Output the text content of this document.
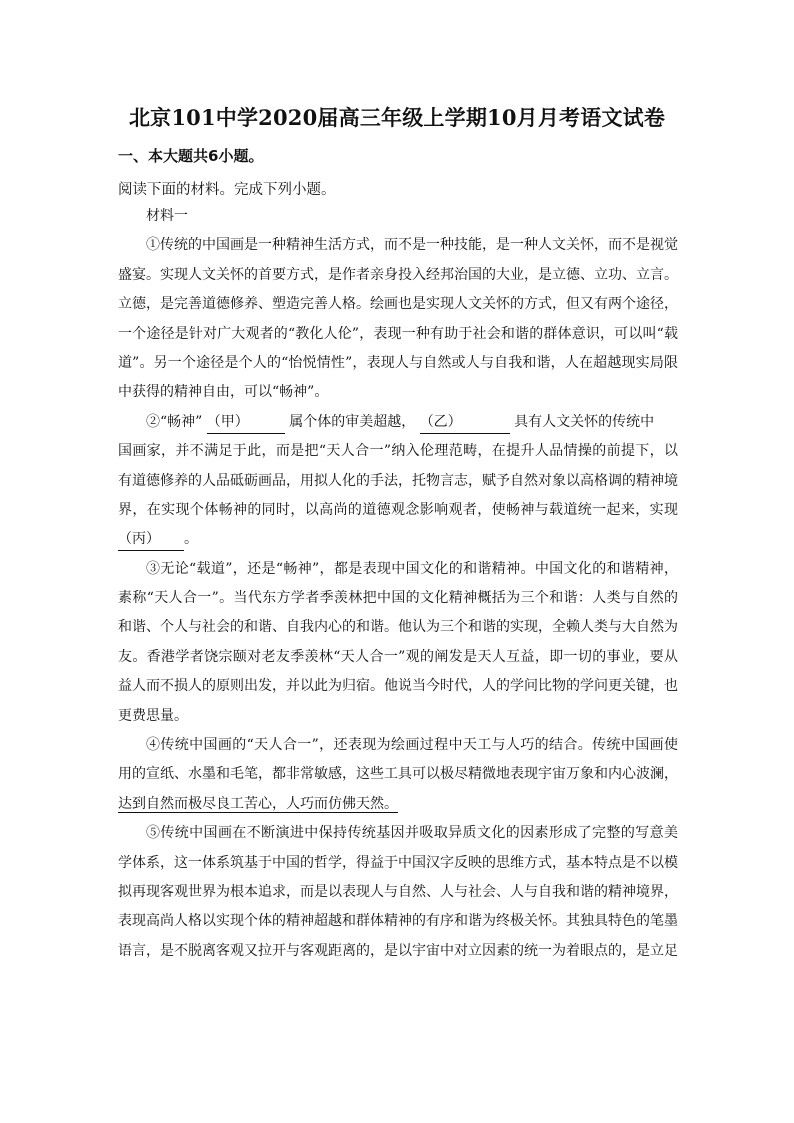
北京101中学2020届高三年级上学期10月月考语文试卷
一、本大题共6小题。
阅读下面的材料。完成下列小题。
材料一
①传统的中国画是一种精神生活方式，而不是一种技能，是一种人文关怀，而不是视觉
盛宴。实现人文关怀的首要方式，是作者亲身投入经邦治国的大业，是立德、立功、立言。
立德，是完善道德修养、塑造完善人格。绘画也是实现人文关怀的方式，但又有两个途径，
一个途径是针对广大观者的“教化人伦”，表现一种有助于社会和谐的群体意识，可以叫“载
道”。另一个途径是个人的“怡悦情性”，表现人与自然或人与自我和谐，人在超越现实局限
中获得的精神自由，可以“畅神”。
②“畅神” （甲）	属个体的审美超越， （乙）	具有人文关怀的传统中
国画家，并不满足于此，而是把“天人合一”纳入伦理范畴，在提升人品情操的前提下，以
有道德修养的人品砥砺画品，用拟人化的手法，托物言志，赋予自然对象以高格调的精神境
界，在实现个体畅神的同时，以高尚的道德观念影响观者，使畅神与载道统一起来，实现
（丙） 。
③无论“载道”，还是“畅神”，都是表现中国文化的和谐精神。中国文化的和谐精神，
素称“天人合一”。当代东方学者季羡林把中国的文化精神概括为三个和谐：人类与自然的
和谐、个人与社会的和谐、自我内心的和谐。他认为三个和谐的实现，全赖人类与大自然为
友。香港学者饶宗颐对老友季羡林“天人合一”观的阐发是天人互益，即一切的事业，要从
益人而不损人的原则出发，并以此为归宿。他说当今时代，人的学问比物的学问更关键，也
更费思量。
④传统中国画的“天人合一”，还表现为绘画过程中天工与人巧的结合。传统中国画使
用的宣纸、水墨和毛笔，都非常敏感，这些工具可以极尽精微地表现宇宙万象和内心波澜，
达到自然而极尽良工苦心，人巧而仿佛天然。
⑤传统中国画在不断演进中保持传统基因并吸取异质文化的因素形成了完整的写意美
学体系，这一体系筑基于中国的哲学，得益于中国汉字反映的思维方式，基本特点是不以模
拟再现客观世界为根本追求，而是以表现人与自然、人与社会、人与自我和谐的精神境界，
表现高尚人格以实现个体的精神超越和群体精神的有序和谐为终极关怀。其独具特色的笔墨
语言，是不脱离客观又拉开与客观距离的，是以宇宙中对立因素的统一为着眼点的，是立足
